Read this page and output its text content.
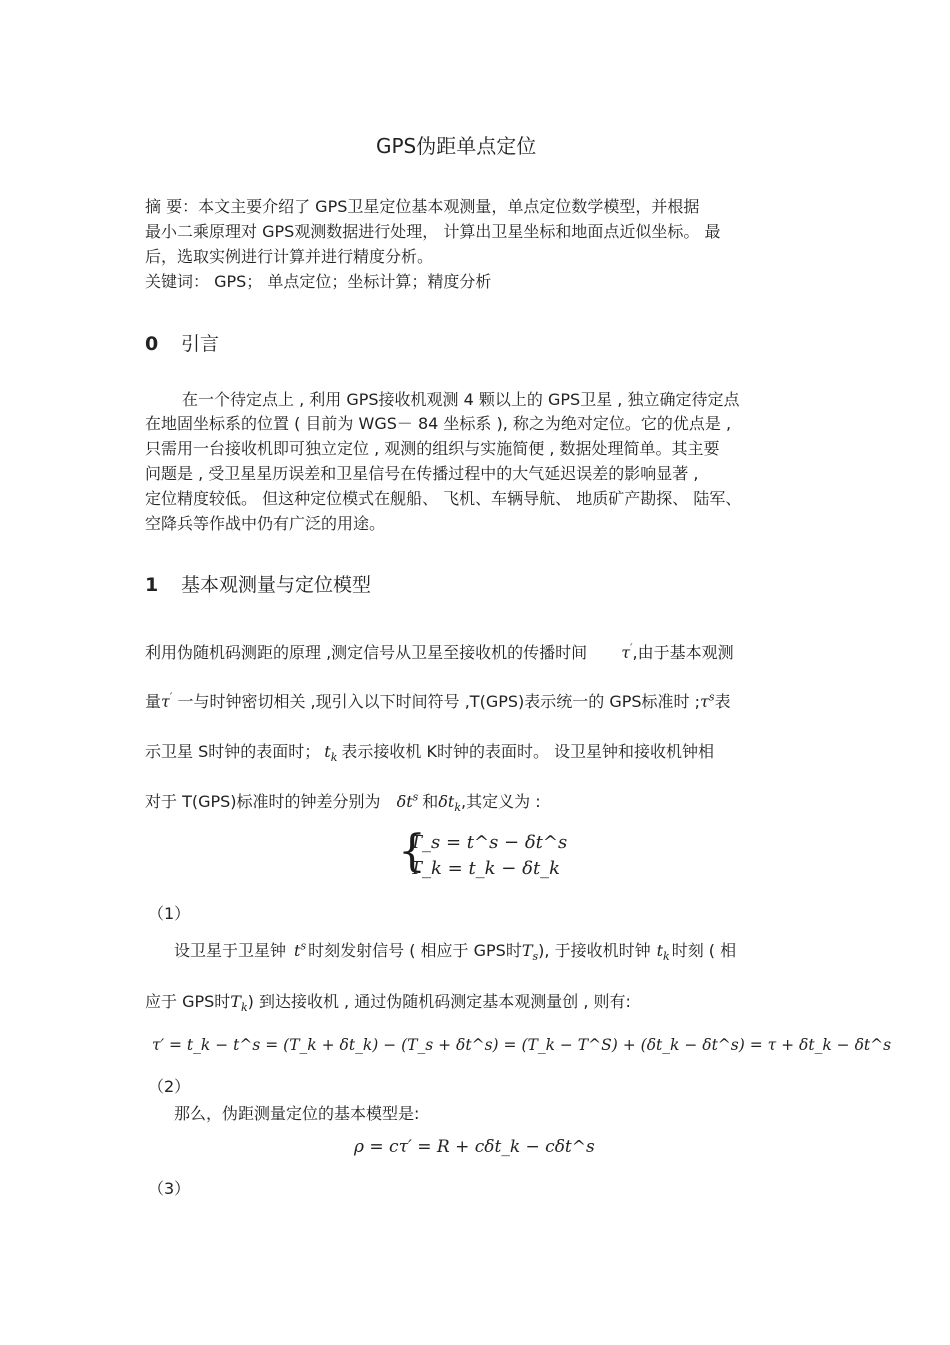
GPS伪距单点定位
摘 要：本文主要介绍了 GPS卫星定位基本观测量，单点定位数学模型，并根据
最小二乘原理对 GPS观测数据进行处理， 计算出卫星坐标和地面点近似坐标。 最
后，选取实例进行计算并进行精度分析。
关键词： GPS； 单点定位；坐标计算；精度分析
0 引言
在一个待定点上 , 利用 GPS接收机观测 4 颗以上的 GPS卫星 , 独立确定待定点
在地固坐标系的位置 ( 目前为 WGS－ 84 坐标系 ), 称之为绝对定位。它的优点是 ,
只需用一台接收机即可独立定位 , 观测的组织与实施简便 , 数据处理简单。其主要
问题是 , 受卫星星历误差和卫星信号在传播过程中的大气延迟误差的影响显著 ,
定位精度较低。 但这种定位模式在舰船、 飞机、车辆导航、 地质矿产勘探、 陆军、
空降兵等作战中仍有广泛的用途。
1 基本观测量与定位模型
利用伪随机码测距的原理 ,测定信号从卫星至接收机的传播时间 τ′,由于基本观测
量τ′ 一与时钟密切相关 ,现引入以下时间符号 ,T(GPS)表示统一的 GPS标准时 $;\tau^s$表
示卫星 S时钟的表面时； $t_k$ 表示接收机 K时钟的表面时。 设卫星钟和接收机钟相
对于 T(GPS)标准时的钟差分别为 $\delta t^s$ 和$\delta t_k$,其定义为 :
{
T_s = t^s − δt^s
T_k = t_k − δt_k
（1）
设卫星于卫星钟 $t^s$ 时刻发射信号 ( 相应于 GPS时$T_s$), 于接收机时钟 $t_k$ 时刻 ( 相
应于 GPS时$T_k$) 到达接收机 , 通过伪随机码测定基本观测量创 , 则有:
τ′ = t_k − t^s = (T_k + δt_k) − (T_s + δt^s) = (T_k − T^S) + (δt_k − δt^s) = τ + δt_k − δt^s
（2）
那么，伪距测量定位的基本模型是:
ρ = cτ′ = R + cδt_k − cδt^s
（3）
